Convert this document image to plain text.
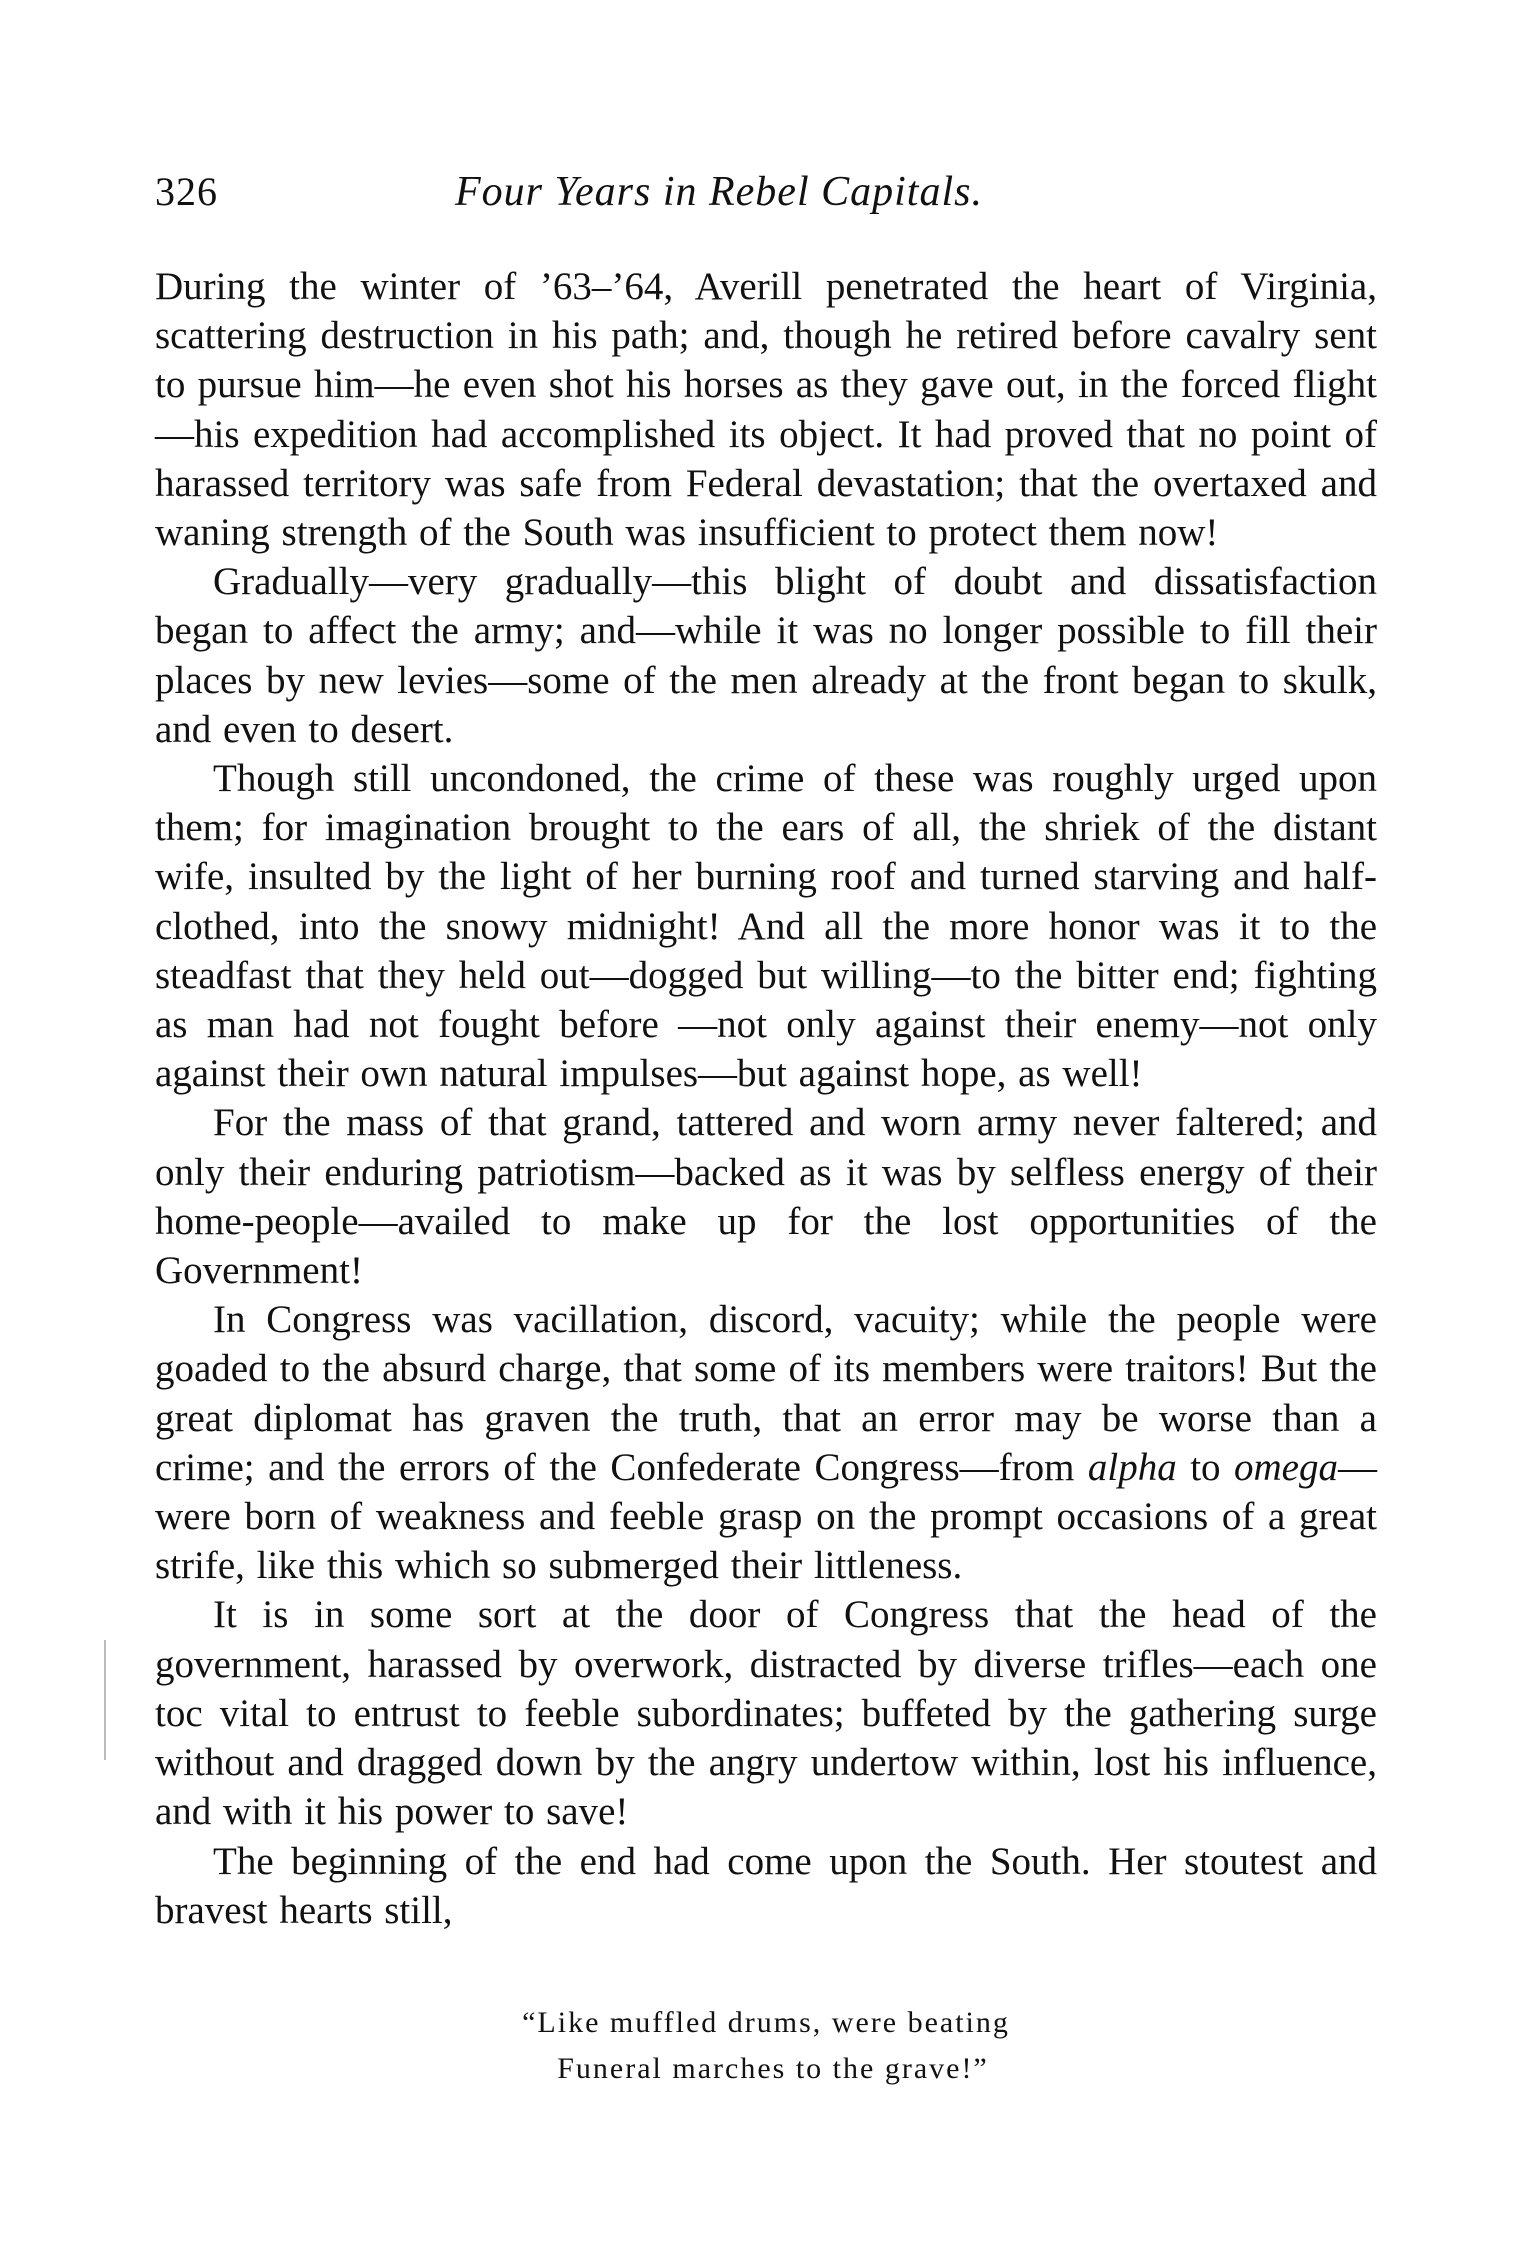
326	Four Years in Rebel Capitals.

During the winter of ’63–’64, Averill penetrated the heart of Virginia, scattering destruction in his path; and, though he retired before cavalry sent to pursue him—he even shot his horses as they gave out, in the forced flight—his expedition had accomplished its object. It had proved that no point of harassed territory was safe from Federal devastation; that the overtaxed and waning strength of the South was insufficient to protect them now!

Gradually—very gradually—this blight of doubt and dissatisfaction began to affect the army; and—while it was no longer possible to fill their places by new levies—some of the men already at the front began to skulk, and even to desert.

Though still uncondoned, the crime of these was roughly urged upon them; for imagination brought to the ears of all, the shriek of the distant wife, insulted by the light of her burning roof and turned starving and half-clothed, into the snowy midnight! And all the more honor was it to the steadfast that they held out—dogged but willing—to the bitter end; fighting as man had not fought before —not only against their enemy—not only against their own natural impulses—but against hope, as well!

For the mass of that grand, tattered and worn army never faltered; and only their enduring patriotism—backed as it was by selfless energy of their home-people—availed to make up for the lost opportunities of the Government!

In Congress was vacillation, discord, vacuity; while the people were goaded to the absurd charge, that some of its members were traitors! But the great diplomat has graven the truth, that an error may be worse than a crime; and the errors of the Confederate Congress—from alpha to omega—were born of weakness and feeble grasp on the prompt occasions of a great strife, like this which so submerged their littleness.

It is in some sort at the door of Congress that the head of the government, harassed by overwork, distracted by diverse trifles—each one toc vital to entrust to feeble subordinates; buffeted by the gathering surge without and dragged down by the angry undertow within, lost his influence, and with it his power to save!

The beginning of the end had come upon the South. Her stoutest and bravest hearts still,

“Like muffled drums, were beating
Funeral marches to the grave!”
